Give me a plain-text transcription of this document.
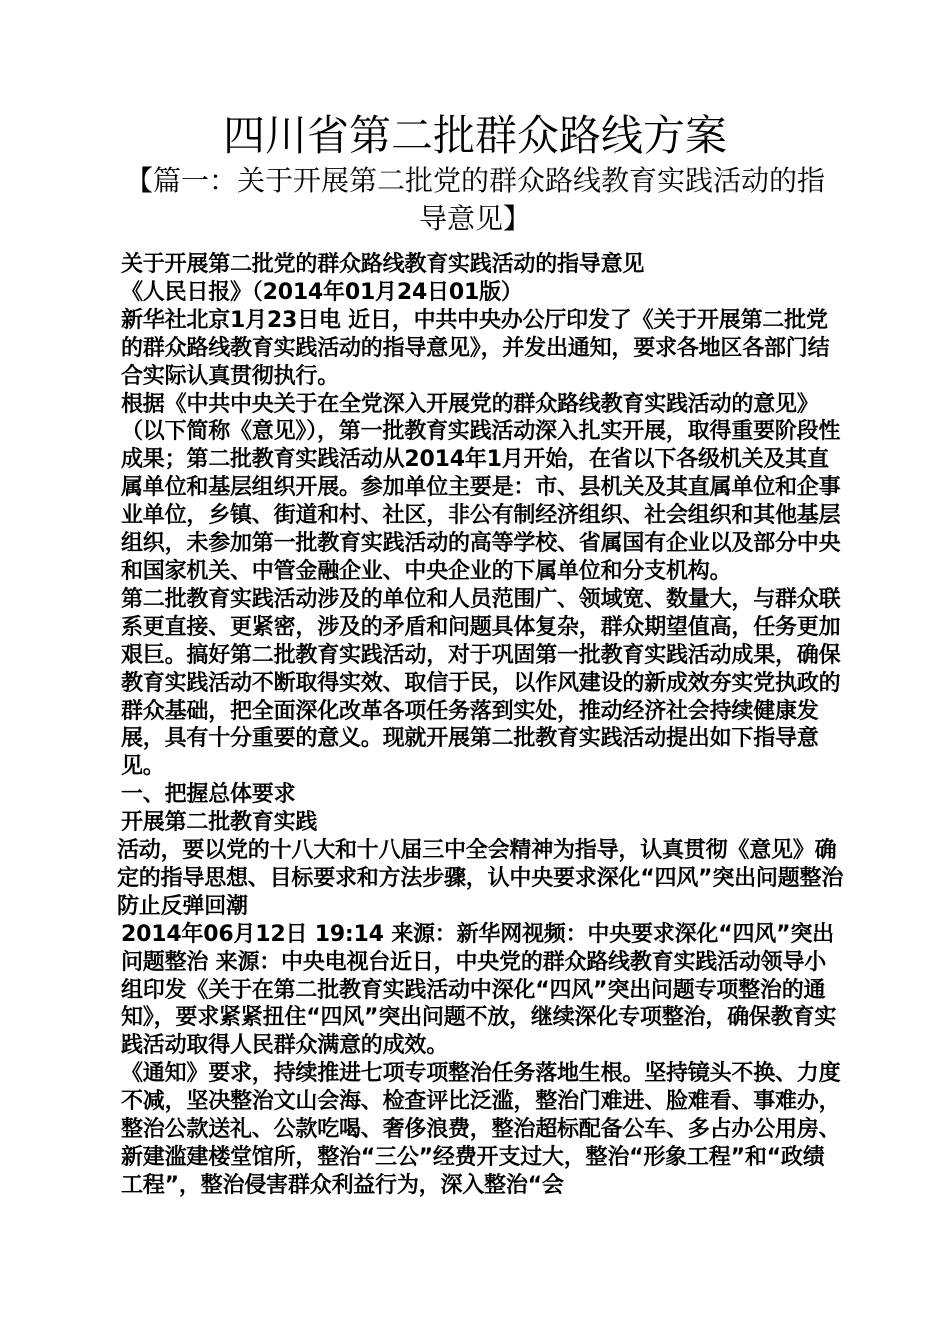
四川省第二批群众路线方案
【篇一：关于开展第二批党的群众路线教育实践活动的指导意见】

关于开展第二批党的群众路线教育实践活动的指导意见

《人民日报》（2014年01月24日01版）

新华社北京1月23日电 近日，中共中央办公厅印发了《关于开展第二批党的群众路线教育实践活动的指导意见》，并发出通知，要求各地区各部门结合实际认真贯彻执行。

根据《中共中央关于在全党深入开展党的群众路线教育实践活动的意见》（以下简称《意见》），第一批教育实践活动深入扎实开展，取得重要阶段性成果；第二批教育实践活动从2014年1月开始，在省以下各级机关及其直属单位和基层组织开展。参加单位主要是：市、县机关及其直属单位和企事业单位，乡镇、街道和村、社区，非公有制经济组织、社会组织和其他基层组织，未参加第一批教育实践活动的高等学校、省属国有企业以及部分中央和国家机关、中管金融企业、中央企业的下属单位和分支机构。

第二批教育实践活动涉及的单位和人员范围广、领域宽、数量大，与群众联系更直接、更紧密，涉及的矛盾和问题具体复杂，群众期望值高，任务更加艰巨。搞好第二批教育实践活动，对于巩固第一批教育实践活动成果，确保教育实践活动不断取得实效、取信于民，以作风建设的新成效夯实党执政的群众基础，把全面深化改革各项任务落到实处，推动经济社会持续健康发展，具有十分重要的意义。现就开展第二批教育实践活动提出如下指导意见。

一、把握总体要求

开展第二批教育实践

活动，要以党的十八大和十八届三中全会精神为指导，认真贯彻《意见》确定的指导思想、目标要求和方法步骤，认中央要求深化“四风”突出问题整治 防止反弹回潮

2014年06月12日 19:14 来源：新华网视频：中央要求深化“四风”突出问题整治 来源：中央电视台近日，中央党的群众路线教育实践活动领导小组印发《关于在第二批教育实践活动中深化“四风”突出问题专项整治的通知》，要求紧紧扭住“四风”突出问题不放，继续深化专项整治，确保教育实践活动取得人民群众满意的成效。

《通知》要求，持续推进七项专项整治任务落地生根。坚持镜头不换、力度不减，坚决整治文山会海、检查评比泛滥，整治门难进、脸难看、事难办，整治公款送礼、公款吃喝、奢侈浪费，整治超标配备公车、多占办公用房、新建滥建楼堂馆所，整治“三公”经费开支过大，整治“形象工程”和“政绩工程”，整治侵害群众利益行为，深入整治“会
